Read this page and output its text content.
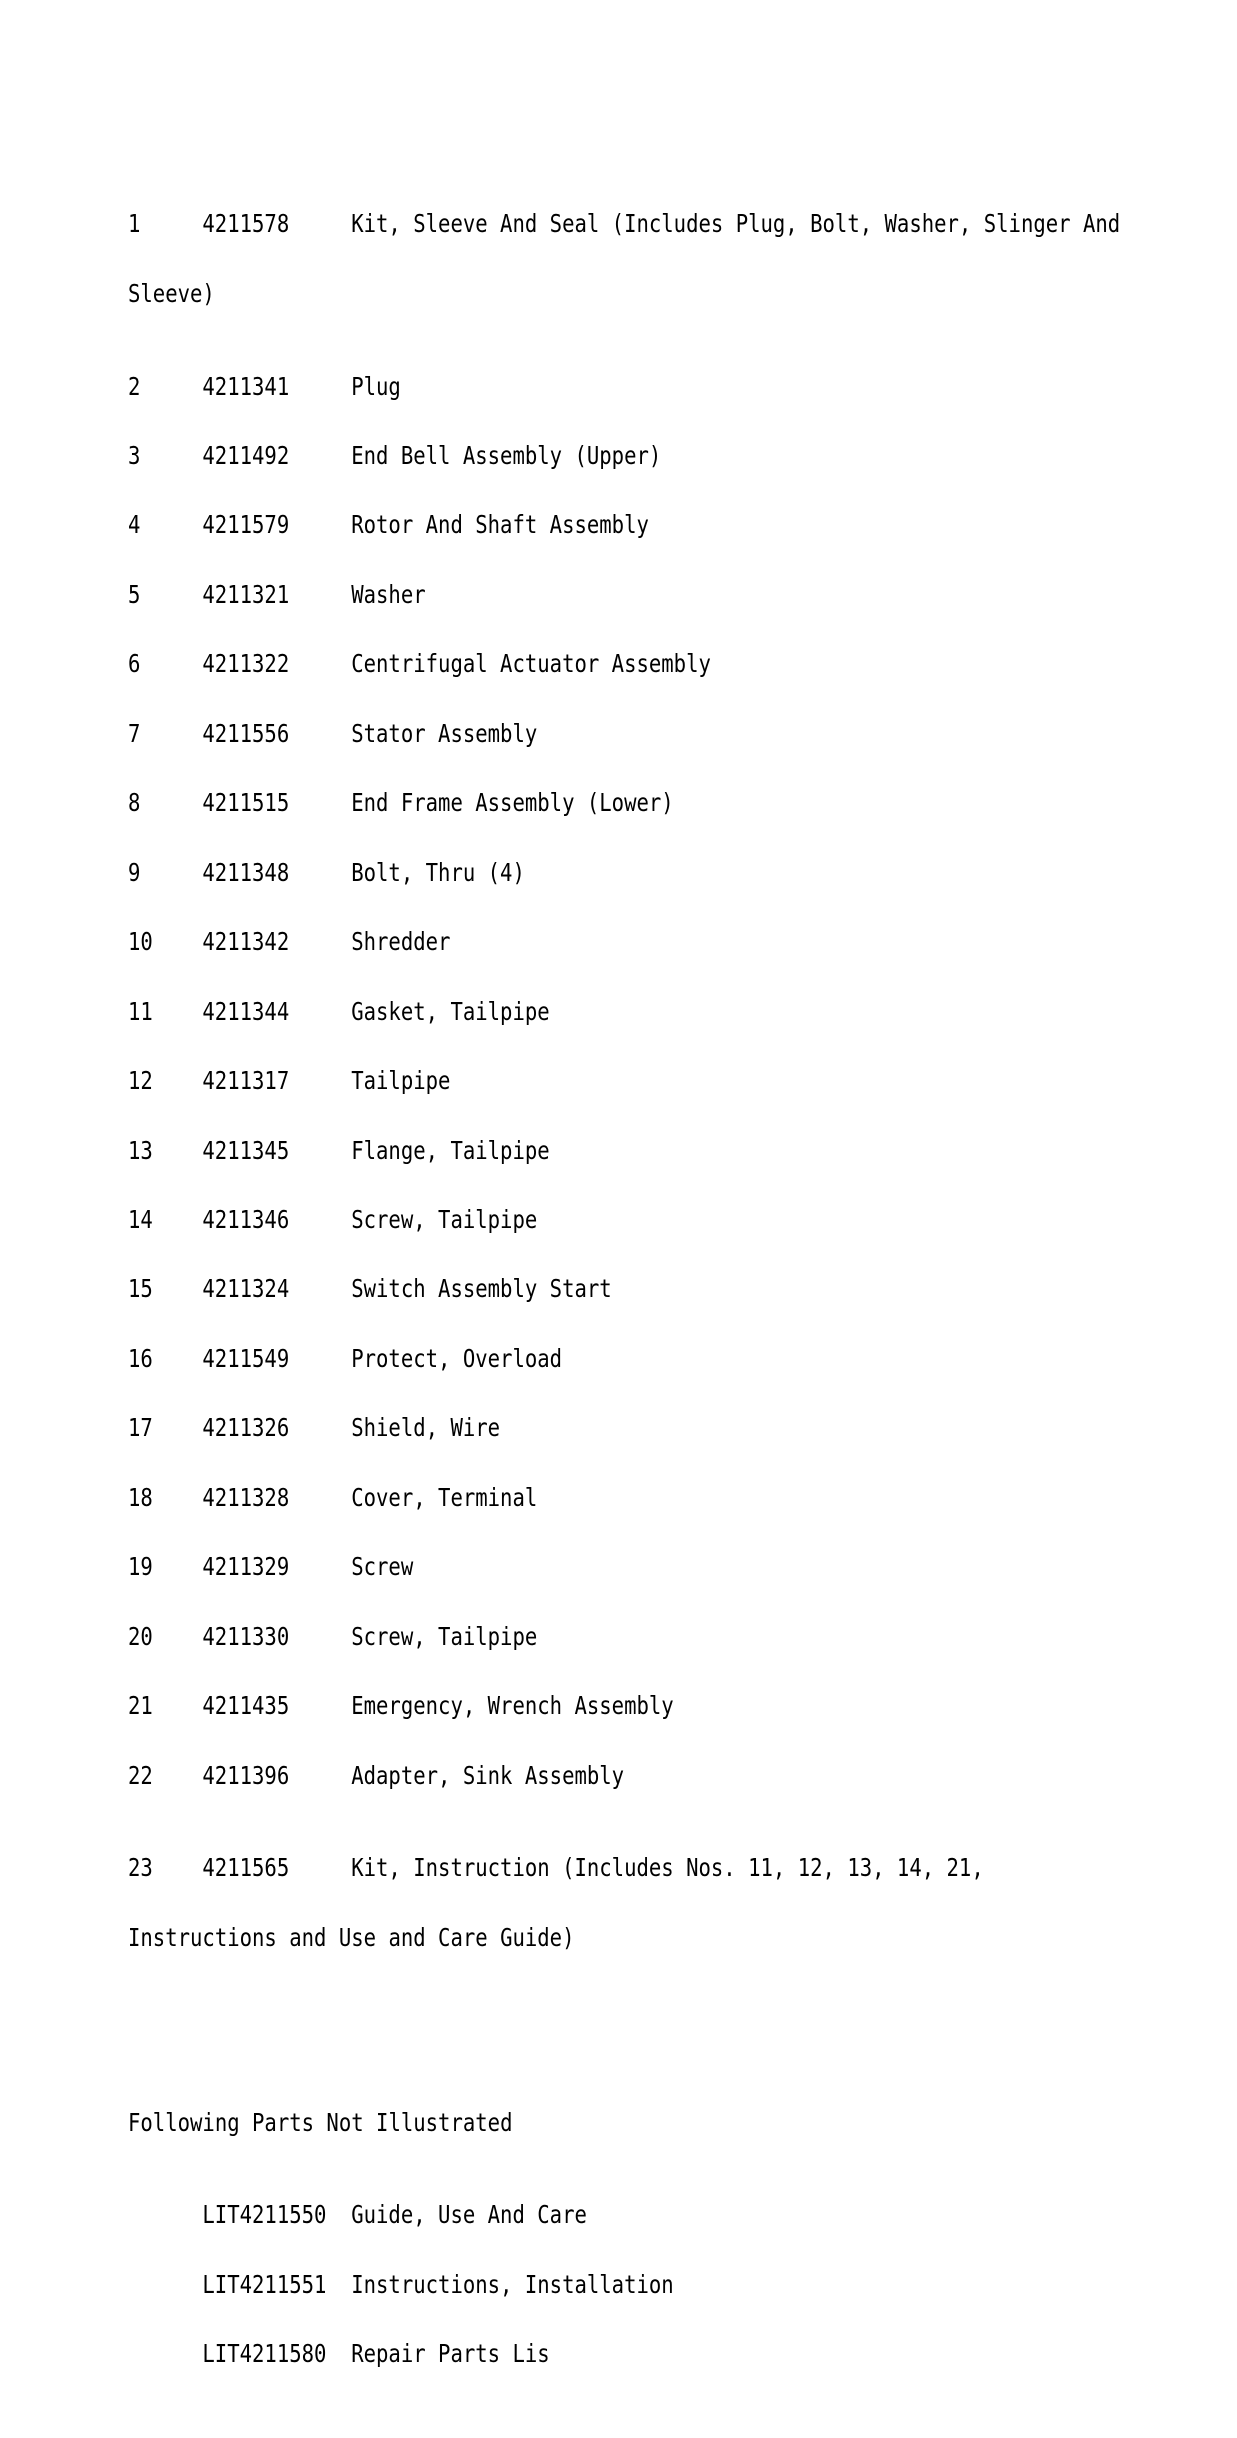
1 4211578 Kit, Sleeve And Seal (Includes Plug, Bolt, Washer, Slinger And

Sleeve)

2 4211341 Plug

3 4211492 End Bell Assembly (Upper)

4 4211579 Rotor And Shaft Assembly

5 4211321 Washer

6 4211322 Centrifugal Actuator Assembly

7 4211556 Stator Assembly

8 4211515 End Frame Assembly (Lower)

9 4211348 Bolt, Thru (4)

10 4211342 Shredder

11 4211344 Gasket, Tailpipe

12 4211317 Tailpipe

13 4211345 Flange, Tailpipe

14 4211346 Screw, Tailpipe

15 4211324 Switch Assembly Start

16 4211549 Protect, Overload

17 4211326 Shield, Wire

18 4211328 Cover, Terminal

19 4211329 Screw

20 4211330 Screw, Tailpipe

21 4211435 Emergency, Wrench Assembly

22 4211396 Adapter, Sink Assembly

23 4211565 Kit, Instruction (Includes Nos. 11, 12, 13, 14, 21,

Instructions and Use and Care Guide)

Following Parts Not Illustrated

LIT4211550 Guide, Use And Care

LIT4211551 Instructions, Installation

LIT4211580 Repair Parts Lis
